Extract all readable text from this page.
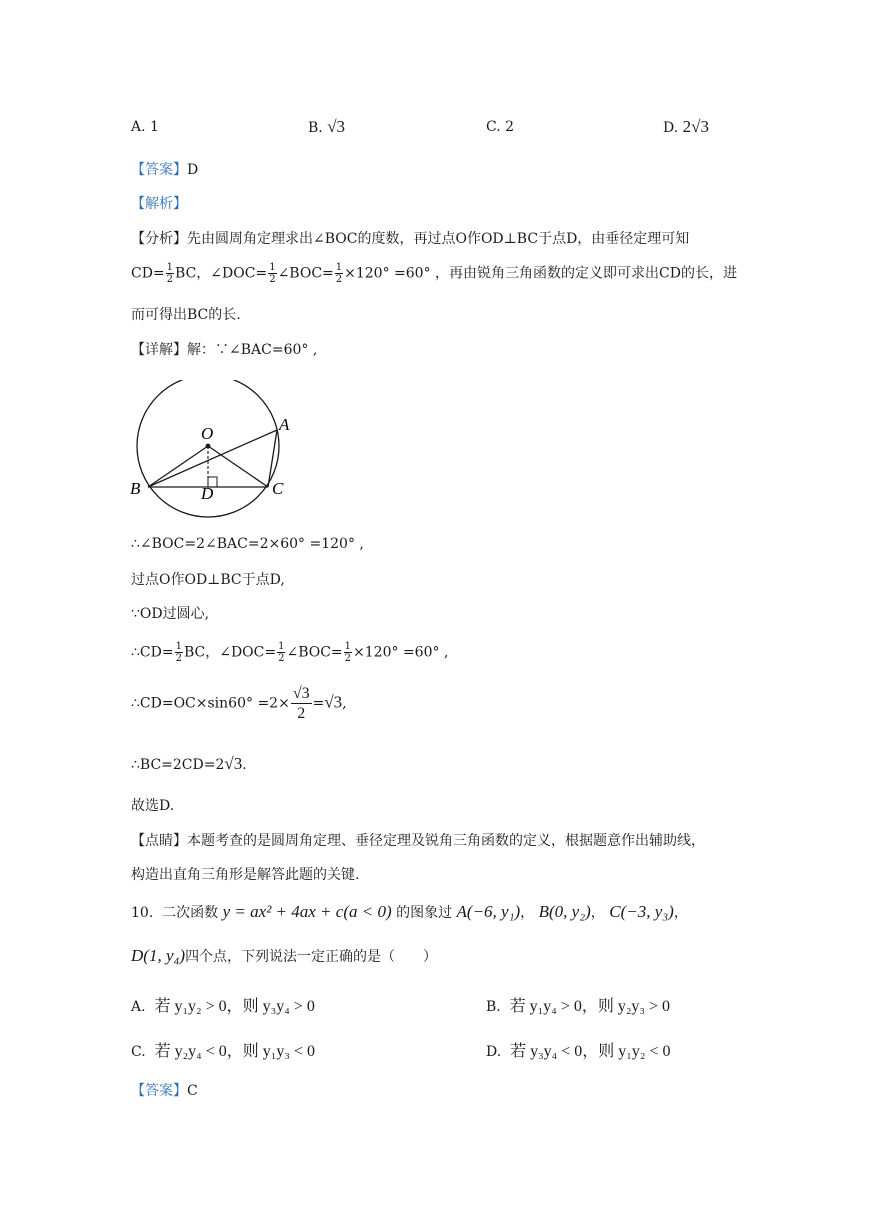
A. 1	B. √3	C. 2	D. 2√3
【答案】D
【解析】
【分析】先由圆周角定理求出∠BOC的度数，再过点O作OD⊥BC于点D，由垂径定理可知
$CD= \frac{1}{2}$ BC，∠DOC= $\frac{1}{2}$ ∠BOC= $\frac{1}{2} \times 120^\circ =60^\circ$ ，再由锐角三角函数的定义即可求出CD的长，进
而可得出BC的长.
【详解】解：∵∠BAC=60° ,
O	A
B	C
D
∴∠BOC=2∠BAC=2×60° =120° ,
过点O作OD⊥BC于点D,
∵OD过圆心,
∴CD= $\frac{1}{2}$ BC，∠DOC= $\frac{1}{2}$ ∠BOC= $\frac{1}{2} \times 120^\circ =60^\circ$ ,
∴CD=OC×sin60° $=2\times \frac{√3}{2} =√3$,
∴BC=2CD=2√3.
故选D.
【点睛】本题考查的是圆周角定理、垂径定理及锐角三角函数的定义，根据题意作出辅助线，
构造出直角三角形是解答此题的关键.
10. 二次函数 y = ax² + 4ax + c(a < 0) 的图象过 A(−6, y₁)， B(0, y₂)， C(−3, y₃)，
D(1, y₄)四个点，下列说法一定正确的是（　　）
A. 若 y₁y₂ > 0，则 y₃y₄ > 0	B. 若 y₁y₄ > 0，则 y₂y₃ > 0
C. 若 y₂y₄ < 0，则 y₁y₃ < 0	D. 若 y₃y₄ < 0，则 y₁y₂ < 0
【答案】C
